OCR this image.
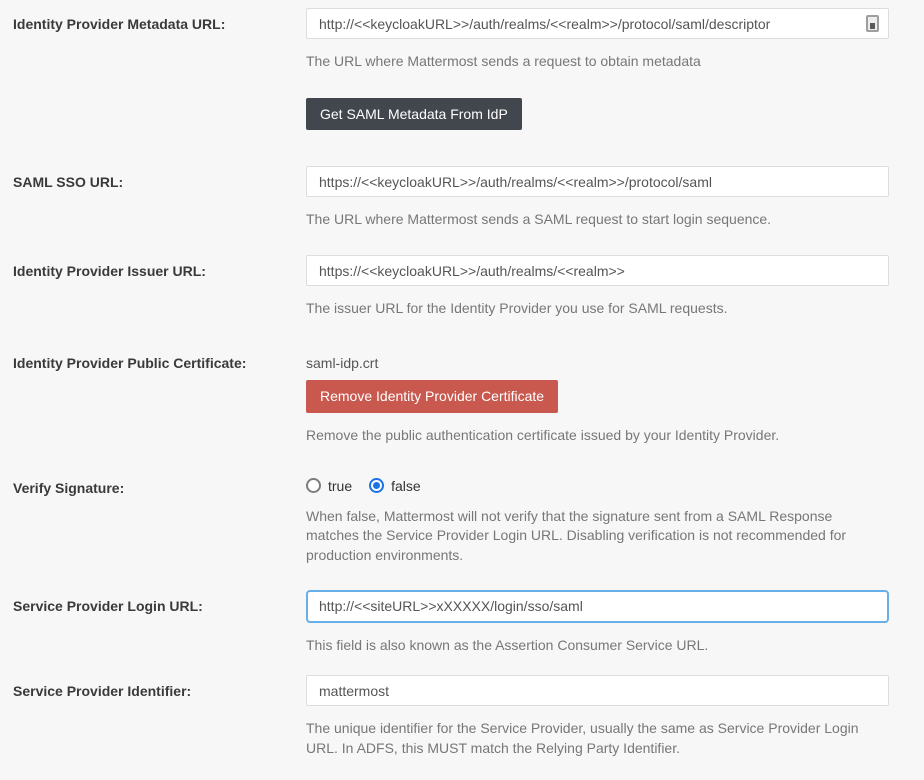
Identity Provider Metadata URL:
http://<<keycloakURL>>/auth/realms/<<realm>>/protocol/saml/descriptor
The URL where Mattermost sends a request to obtain metadata
Get SAML Metadata From IdP
SAML SSO URL:
https://<<keycloakURL>>/auth/realms/<<realm>>/protocol/saml
The URL where Mattermost sends a SAML request to start login sequence.
Identity Provider Issuer URL:
https://<<keycloakURL>>/auth/realms/<<realm>>
The issuer URL for the Identity Provider you use for SAML requests.
Identity Provider Public Certificate:	saml-idp.crt
Remove Identity Provider Certificate
Remove the public authentication certificate issued by your Identity Provider.
Verify Signature:	true	false
When false, Mattermost will not verify that the signature sent from a SAML Response matches the Service Provider Login URL. Disabling verification is not recommended for production environments.
Service Provider Login URL:
http://<<siteURL>>xXXXXX/login/sso/saml
This field is also known as the Assertion Consumer Service URL.
Service Provider Identifier:
mattermost
The unique identifier for the Service Provider, usually the same as Service Provider Login URL. In ADFS, this MUST match the Relying Party Identifier.
